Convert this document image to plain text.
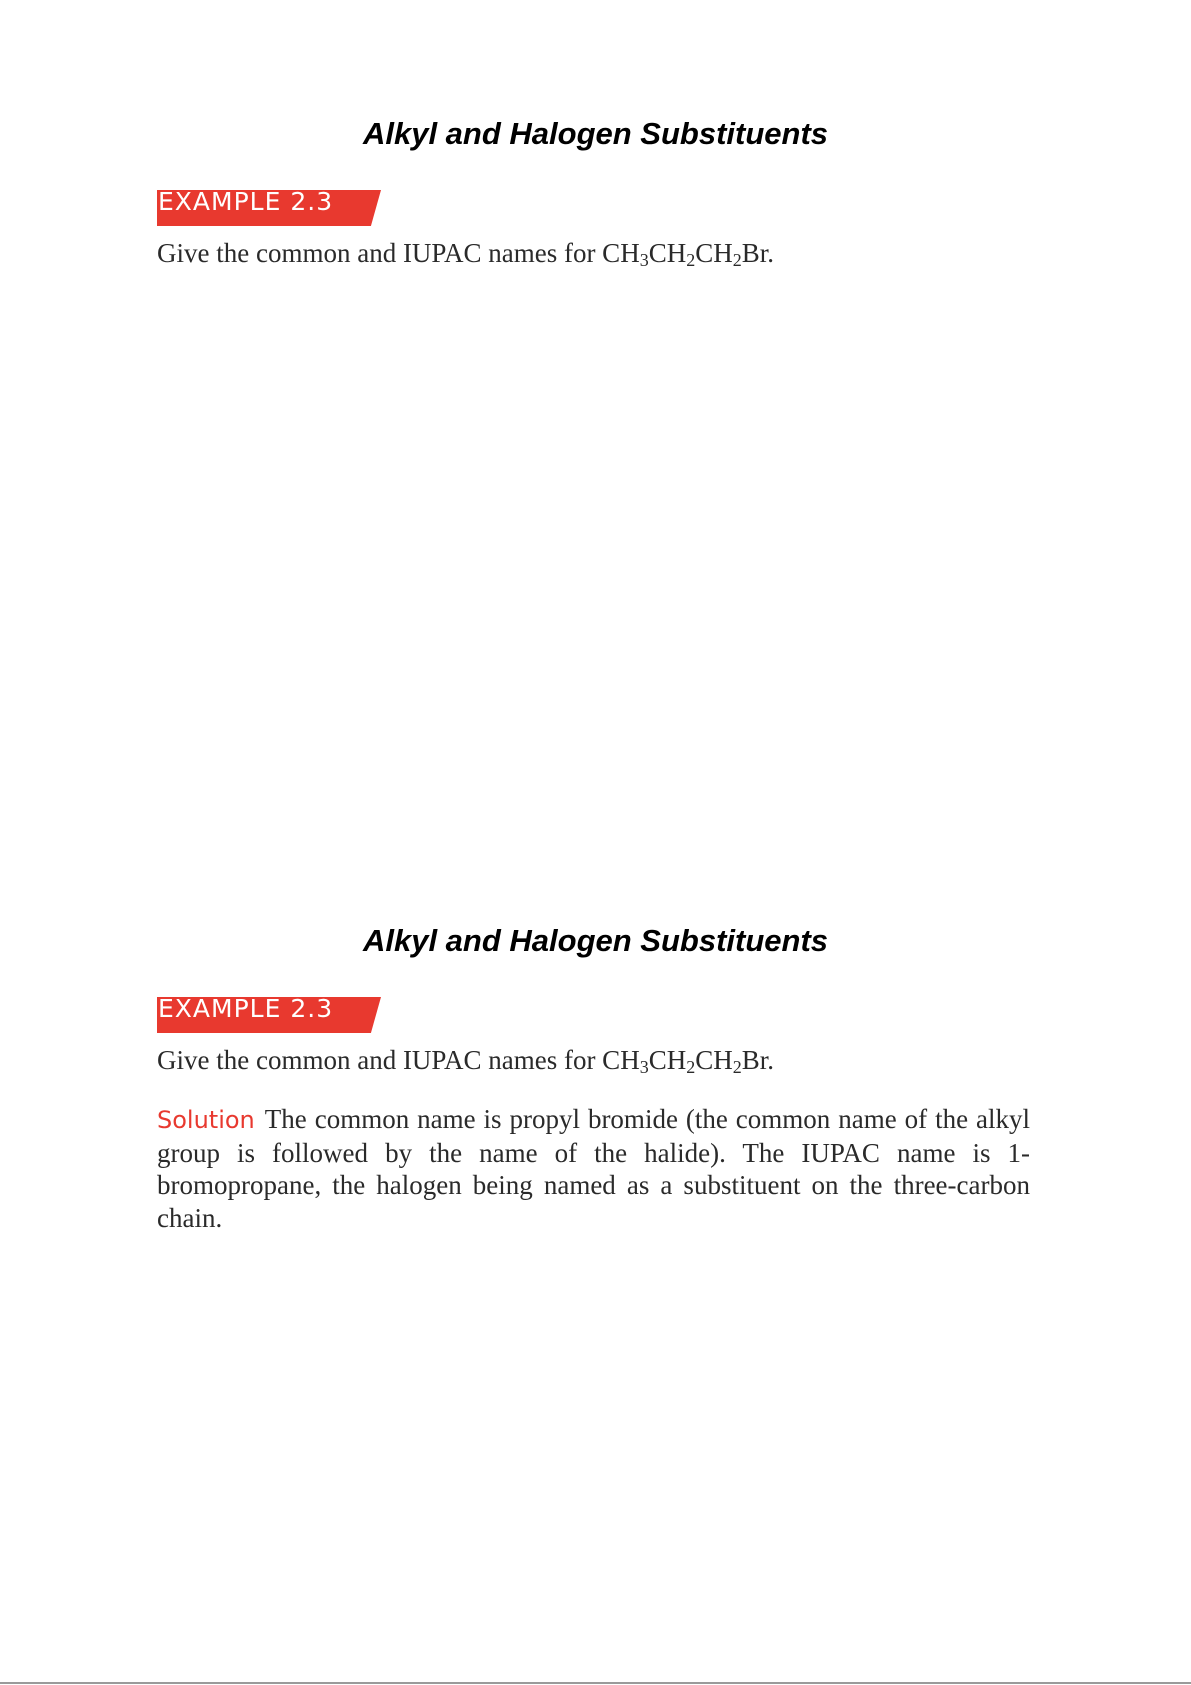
Alkyl and Halogen Substituents
EXAMPLE 2.3
Give the common and IUPAC names for $CH_3CH_2CH_2Br$.
Alkyl and Halogen Substituents
EXAMPLE 2.3
Give the common and IUPAC names for $CH_3CH_2CH_2Br$.

Solution The common name is propyl bromide (the common name of the alkyl group is followed by the name of the halide). The IUPAC name is 1-bromopropane, the halogen being named as a substituent on the three-carbon chain.
